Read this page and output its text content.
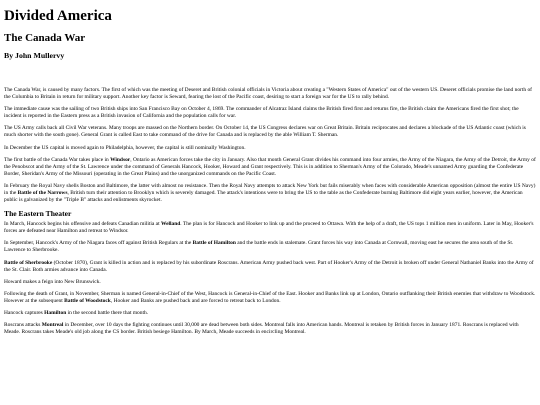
Divided America
The Canada War
By John Mullervy

The Canada War, is caused by many factors. The first of which was the meeting of Deseret and British colonial officials in Victoria about creating a "Western States of America" out of the western US. Deseret officials promise the land north of the Columbia to Britain in return for military support. Another key factor is Seward, fearing the lost of the Pacific coast, desiring to start a foreign war for the US to rally behind.

The immediate cause was the sailing of two British ships into San Francisco Bay on October 4, 1869. The commander of Alcatraz Island claims the British fired first and returns fire, the British claim the Americans fired the first shot; the incident is reported in the Eastern press as a British invasion of California and the population calls for war.

The US Army calls back all Civil War veterans. Many troops are massed on the Northern border. On October 14, the US Congress declares war on Great Britain. Britain reciprocates and declares a blockade of the US Atlantic coast (which is much shorter with the south gone). General Grant is called East to take command of the drive for Canada and is replaced by the able William T. Sherman.

In December the US capital is moved again to Philadelphia, however, the capital is still nominally Washington.

The first battle of the Canada War takes place in Windsor, Ontario as American forces take the city in January. Also that month General Grant divides his command into four armies, the Army of the Niagara, the Army of the Detroit, the Army of the Penobscot and the Army of the St. Lawrence under the command of Generals Hancock, Hooker, Howard and Grant respectively. This is in addition to Sherman's Army of the Colorado, Meade's unnamed Army guarding the Confederate Border, Sheridan's Army of the Missouri (operating in the Great Plains) and the unorganized commands on the Pacific Coast.

In February the Royal Navy shells Boston and Baltimore, the latter with almost no resistance. Then the Royal Navy attempts to attack New York but fails miserably when faces with considerable American opposition (almost the entire US Navy) in the Battle of the Narrows, British turn their attention to Brooklyn which is severely damaged. The attack's intentions were to bring the US to the table as the Confederate burning Baltimore did eight years earlier, however, the American public is galvanized by the "Triple B" attacks and enlistments skyrocket.

The Eastern Theater

In March, Hancock begins his offensive and defeats Canadian militia at Welland. The plan is for Hancock and Hooker to link up and the proceed to Ottawa. With the help of a draft, the US tops 1 million men in uniform. Later in May, Hooker's forces are defeated near Hamilton and retreat to Windsor.

In September, Hancock's Army of the Niagara faces off against British Regulars at the Battle of Hamilton and the battle ends in stalemate. Grant forces his way into Canada at Cornwall, moving east he secures the area south of the St. Lawrence to Sherbrooke.

Battle of Sherbrooke (October 1870), Grant is killed in action and is replaced by his subordinate Roscrans. American Army pushed back west. Part of Hooker's Army of the Detroit is broken off under General Nathaniel Banks into the Army of the St. Clair. Both armies advance into Canada.

Howard makes a feign into New Brunswick.

Following the death of Grant, in November, Sherman is named General-in-Chief of the West, Hancock is General-in-Chief of the East. Hooker and Banks link up at London, Ontario outflanking their British enemies that withdraw to Woodstock. However at the subsequent Battle of Woodstock, Hooker and Banks are pushed back and are forced to retreat back to London.

Hancock captures Hamilton in the second battle there that month.

Roscrans attacks Montreal in December, over 10 days the fighting continues until 30,000 are dead between both sides. Montreal falls into American hands. Montreal is retaken by British forces in January 1871. Roscrans is replaced with Meade. Roscrans takes Meade's old job along the CS border. British besiege Hamilton. By March, Meade succeeds in encircling Montreal.
